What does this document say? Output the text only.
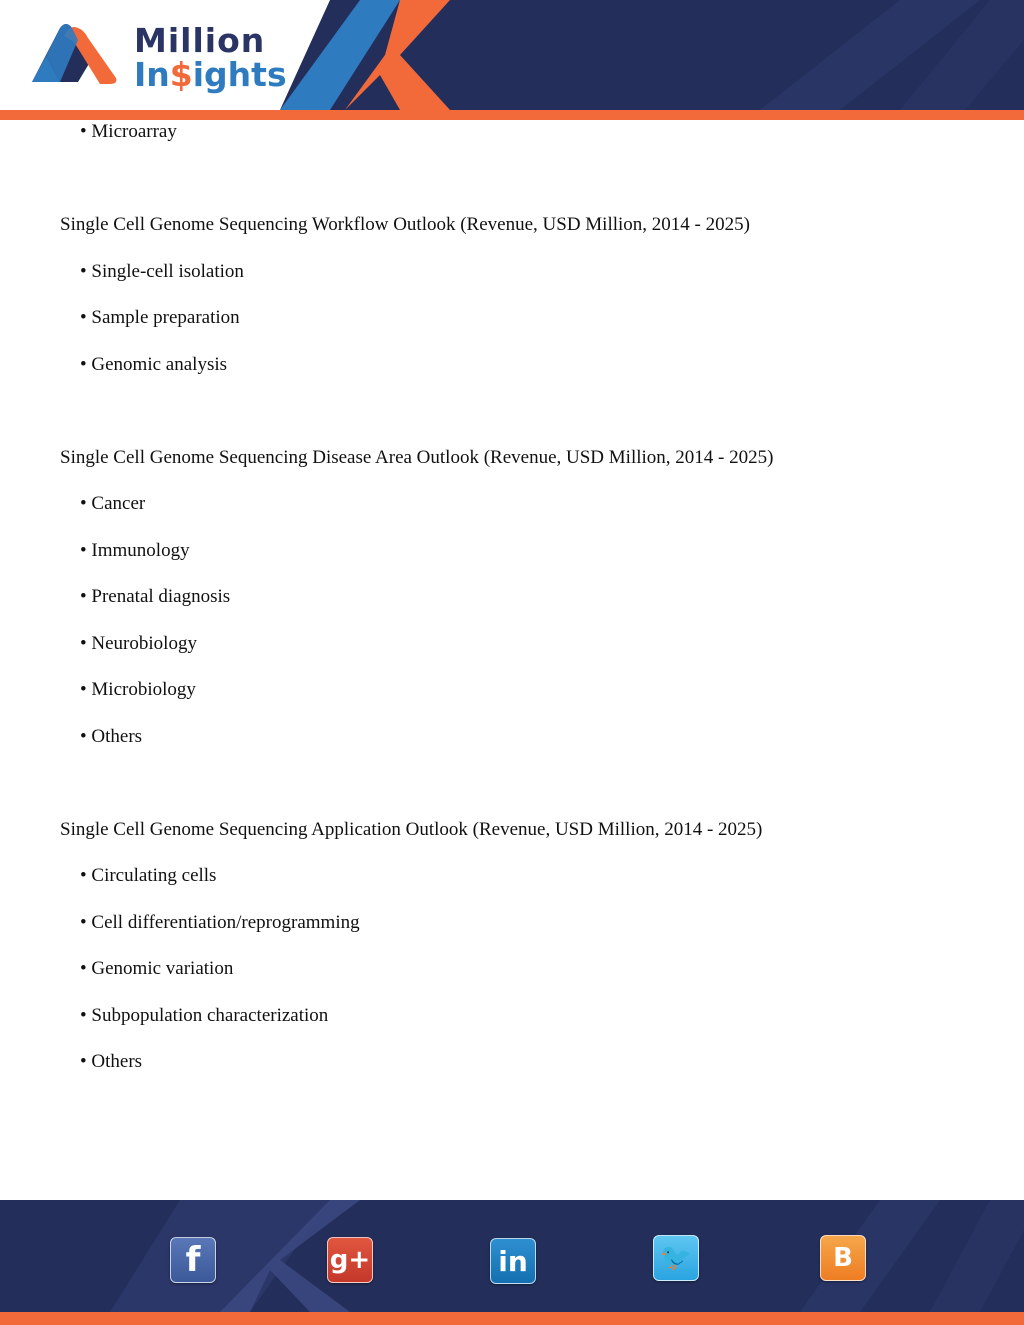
Million
In$ights
• Microarray
Single Cell Genome Sequencing Workflow Outlook (Revenue, USD Million, 2014 - 2025)
• Single-cell isolation
• Sample preparation
• Genomic analysis
Single Cell Genome Sequencing Disease Area Outlook (Revenue, USD Million, 2014 - 2025)
• Cancer
• Immunology
• Prenatal diagnosis
• Neurobiology
• Microbiology
• Others
Single Cell Genome Sequencing Application Outlook (Revenue, USD Million, 2014 - 2025)
• Circulating cells
• Cell differentiation/reprogramming
• Genomic variation
• Subpopulation characterization
• Others
f	g+	in	🐦	B
